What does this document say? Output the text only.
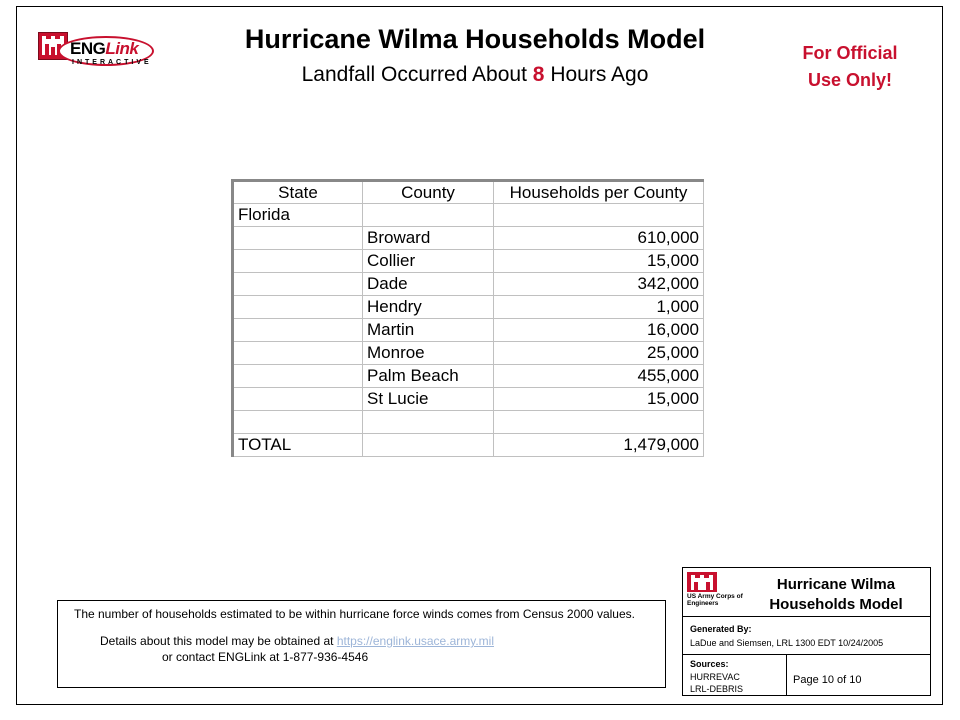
ENGLink
INTERACTIVE
Hurricane Wilma Households Model
Landfall Occurred About 8 Hours Ago
For Official
Use Only!
State	County	Households per County
Florida		
	Broward	610,000
	Collier	15,000
	Dade	342,000
	Hendry	1,000
	Martin	16,000
	Monroe	25,000
	Palm Beach	455,000
	St Lucie	15,000

TOTAL		1,479,000
The number of households estimated to be within hurricane force winds comes from Census 2000 values.
Details about this model may be obtained at https://englink.usace.army.mil
or contact ENGLink at 1-877-936-4546
US Army Corps of Engineers
Hurricane Wilma
Households Model
Generated By:
LaDue and Siemsen, LRL 1300 EDT 10/24/2005
Sources:
HURREVAC
LRL-DEBRIS
Page 10 of 10
